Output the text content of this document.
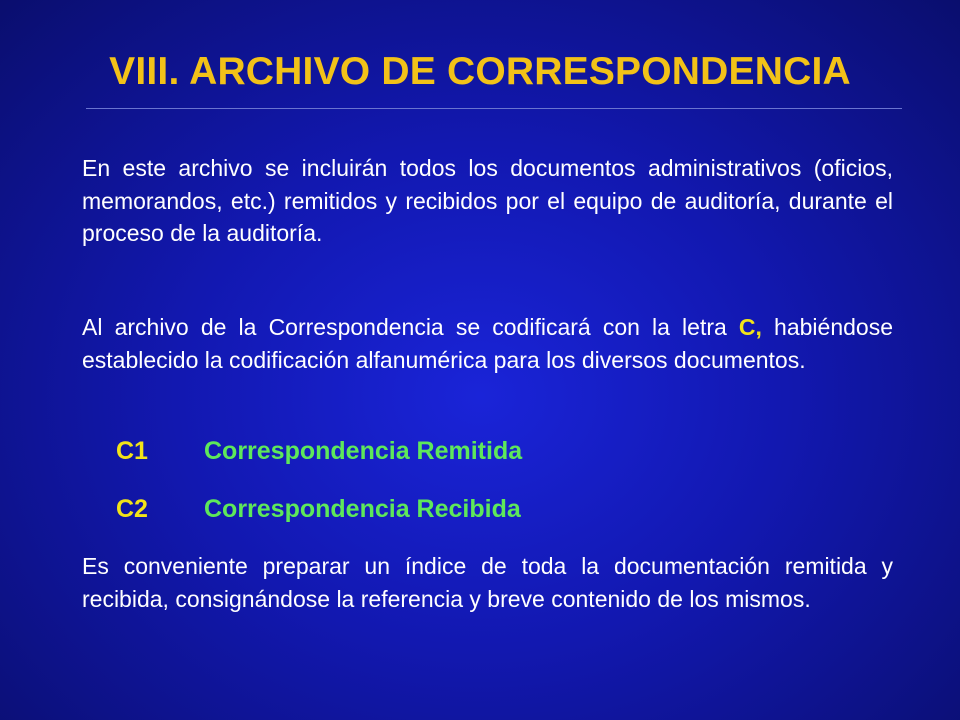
VIII. ARCHIVO DE CORRESPONDENCIA
En este archivo se incluirán todos los documentos administrativos (oficios, memorandos, etc.) remitidos y recibidos por el equipo de auditoría, durante el proceso de la auditoría.
Al archivo de la Correspondencia se codificará con la letra C, habiéndose establecido la codificación alfanumérica para los diversos documentos.
C1 Correspondencia Remitida
C2 Correspondencia Recibida
Es conveniente preparar un índice de toda la documentación remitida y recibida, consignándose la referencia y breve contenido de los mismos.
